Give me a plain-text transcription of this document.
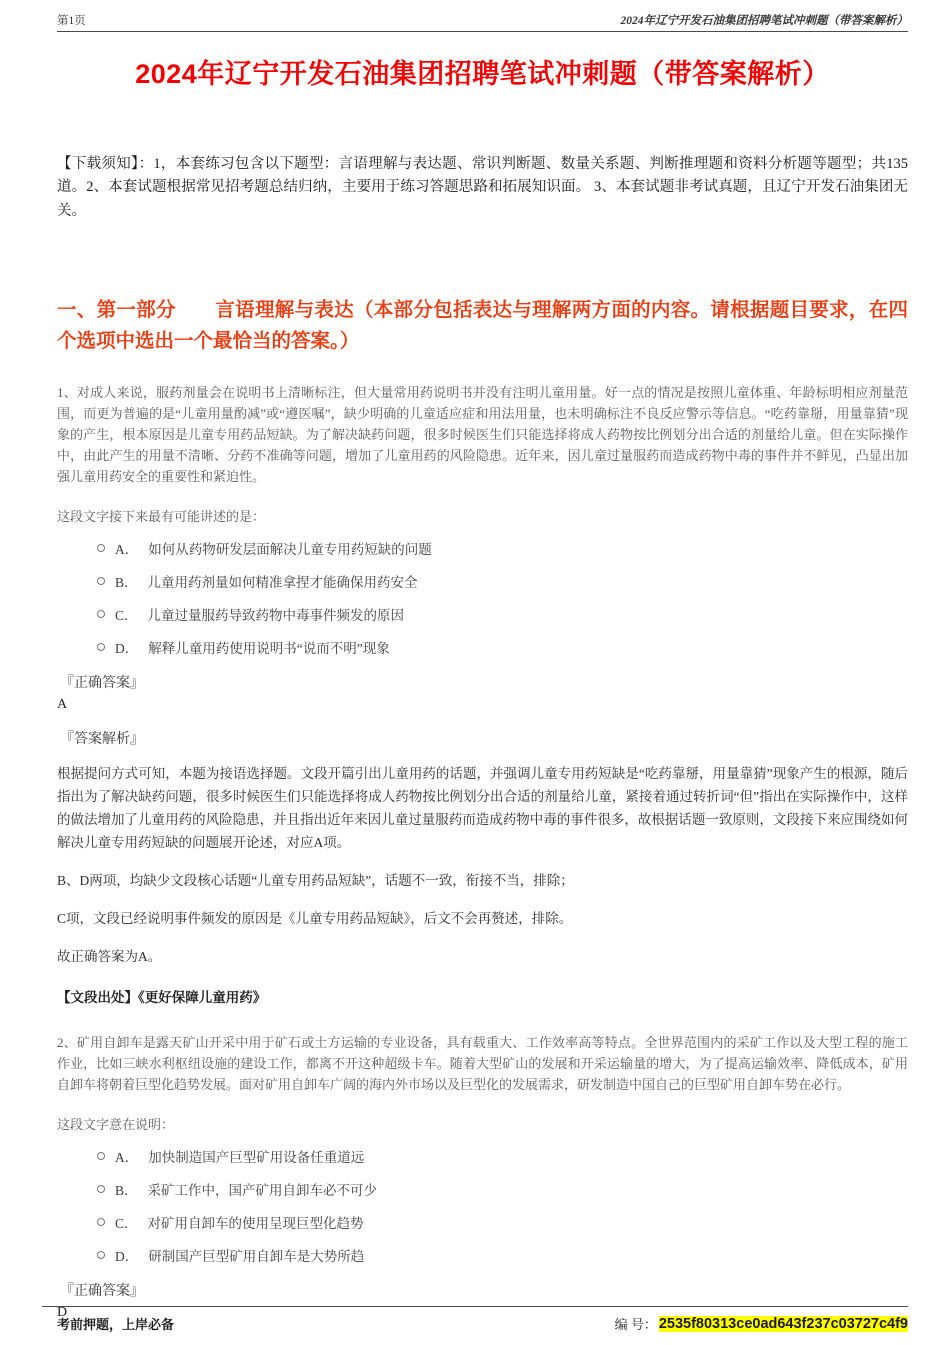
第1页	2024年辽宁开发石油集团招聘笔试冲刺题（带答案解析）
2024年辽宁开发石油集团招聘笔试冲刺题（带答案解析）

【下载须知】：1，本套练习包含以下题型：言语理解与表达题、常识判断题、数量关系题、判断推理题和资料分析题等题型；共135道。2、本套试题根据常见招考题总结归纳，主要用于练习答题思路和拓展知识面。 3、本套试题非考试真题，且辽宁开发石油集团无关。

一、第一部分　　言语理解与表达（本部分包括表达与理解两方面的内容。请根据题目要求，在四个选项中选出一个最恰当的答案。）

1、对成人来说，服药剂量会在说明书上清晰标注，但大量常用药说明书并没有注明儿童用量。好一点的情况是按照儿童体重、年龄标明相应剂量范围，而更为普遍的是“儿童用量酌减”或“遵医嘱”，缺少明确的儿童适应症和用法用量，也未明确标注不良反应警示等信息。“吃药靠掰，用量靠猜”现象的产生，根本原因是儿童专用药品短缺。为了解决缺药问题，很多时候医生们只能选择将成人药物按比例划分出合适的剂量给儿童。但在实际操作中，由此产生的用量不清晰、分药不准确等问题，增加了儿童用药的风险隐患。近年来，因儿童过量服药而造成药物中毒的事件并不鲜见，凸显出加强儿童用药安全的重要性和紧迫性。

这段文字接下来最有可能讲述的是：

A． 如何从药物研发层面解决儿童专用药短缺的问题
B． 儿童用药剂量如何精准拿捏才能确保用药安全
C． 儿童过量服药导致药物中毒事件频发的原因
D． 解释儿童用药使用说明书“说而不明”现象

『正确答案』

A

『答案解析』

根据提问方式可知，本题为接语选择题。文段开篇引出儿童用药的话题，并强调儿童专用药短缺是“吃药靠掰，用量靠猜”现象产生的根源，随后指出为了解决缺药问题，很多时候医生们只能选择将成人药物按比例划分出合适的剂量给儿童，紧接着通过转折词“但”指出在实际操作中，这样的做法增加了儿童用药的风险隐患，并且指出近年来因儿童过量服药而造成药物中毒的事件很多，故根据话题一致原则，文段接下来应围绕如何解决儿童专用药短缺的问题展开论述，对应A项。

B、D两项，均缺少文段核心话题“儿童专用药品短缺”，话题不一致，衔接不当，排除；

C项，文段已经说明事件频发的原因是《儿童专用药品短缺》，后文不会再赘述，排除。

故正确答案为A。

【文段出处】《更好保障儿童用药》

2、矿用自卸车是露天矿山开采中用于矿石或土方运输的专业设备，具有载重大、工作效率高等特点。全世界范围内的采矿工作以及大型工程的施工作业，比如三峡水利枢纽设施的建设工作，都离不开这种超级卡车。随着大型矿山的发展和开采运输量的增大，为了提高运输效率、降低成本，矿用自卸车将朝着巨型化趋势发展。面对矿用自卸车广阔的海内外市场以及巨型化的发展需求，研发制造中国自己的巨型矿用自卸车势在必行。

这段文字意在说明：

A． 加快制造国产巨型矿用设备任重道远
B． 采矿工作中，国产矿用自卸车必不可少
C． 对矿用自卸车的使用呈现巨型化趋势
D． 研制国产巨型矿用自卸车是大势所趋

『正确答案』

D

考前押题，上岸必备	编 号： 2535f80313ce0ad643f237c03727c4f9
